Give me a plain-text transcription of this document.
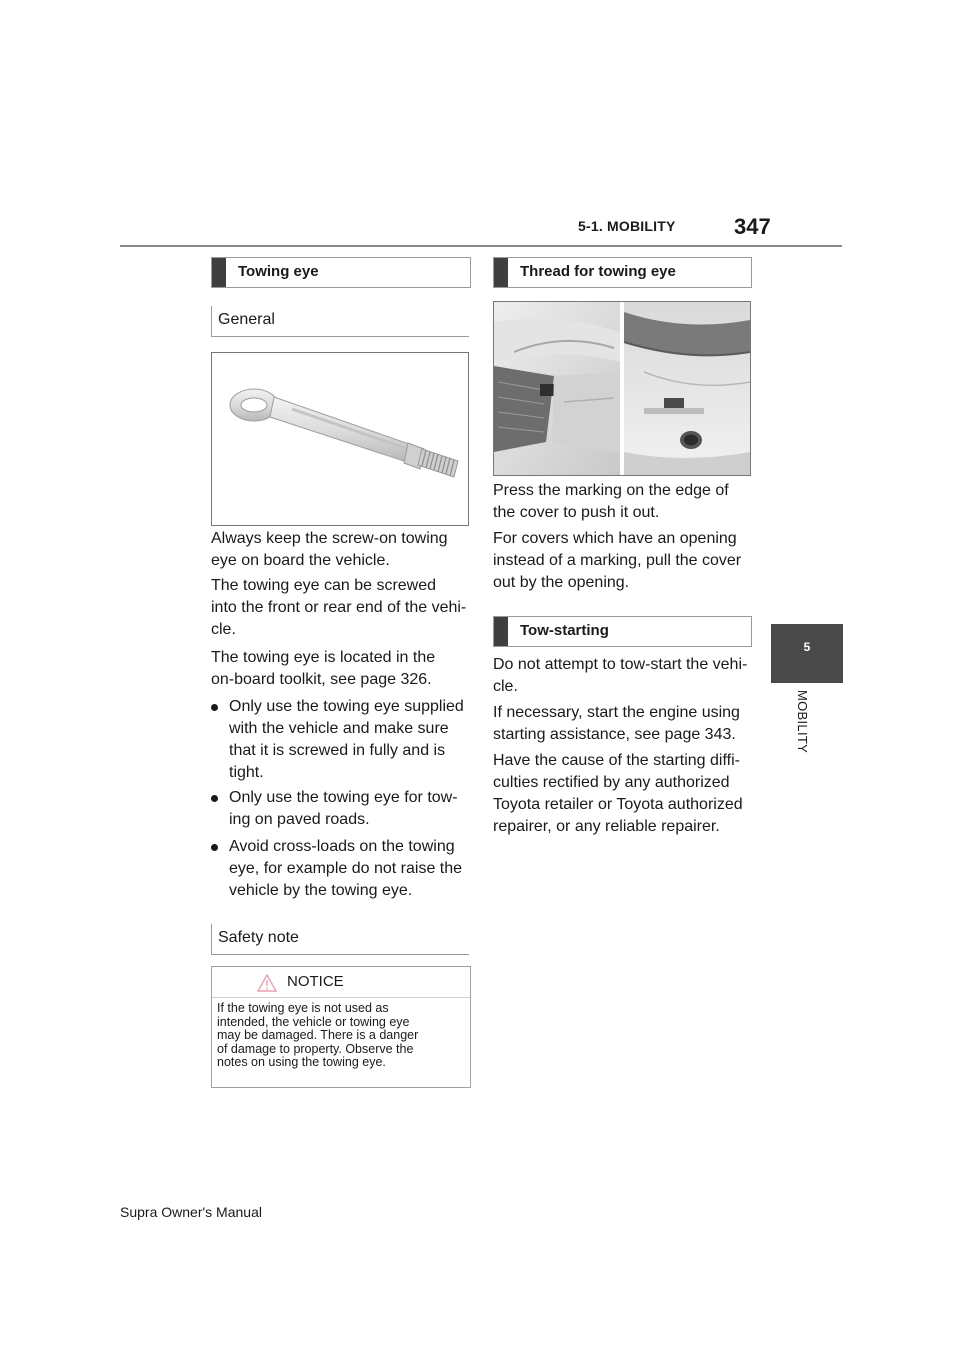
5-1. MOBILITY	347
Towing eye
General
Always keep the screw-on towing
eye on board the vehicle.
The towing eye can be screwed
into the front or rear end of the vehi-
cle.
The towing eye is located in the
on-board toolkit, see page 326.
Only use the towing eye supplied
with the vehicle and make sure
that it is screwed in fully and is
tight.
Only use the towing eye for tow-
ing on paved roads.
Avoid cross-loads on the towing
eye, for example do not raise the
vehicle by the towing eye.
Safety note
NOTICE
If the towing eye is not used as
intended, the vehicle or towing eye
may be damaged. There is a danger
of damage to property. Observe the
notes on using the towing eye.
Thread for towing eye
Press the marking on the edge of
the cover to push it out.
For covers which have an opening
instead of a marking, pull the cover
out by the opening.
Tow-starting
Do not attempt to tow-start the vehi-
cle.
If necessary, start the engine using
starting assistance, see page 343.
Have the cause of the starting diffi-
culties rectified by any authorized
Toyota retailer or Toyota authorized
repairer, or any reliable repairer.
5
MOBILITY
Supra Owner's Manual
